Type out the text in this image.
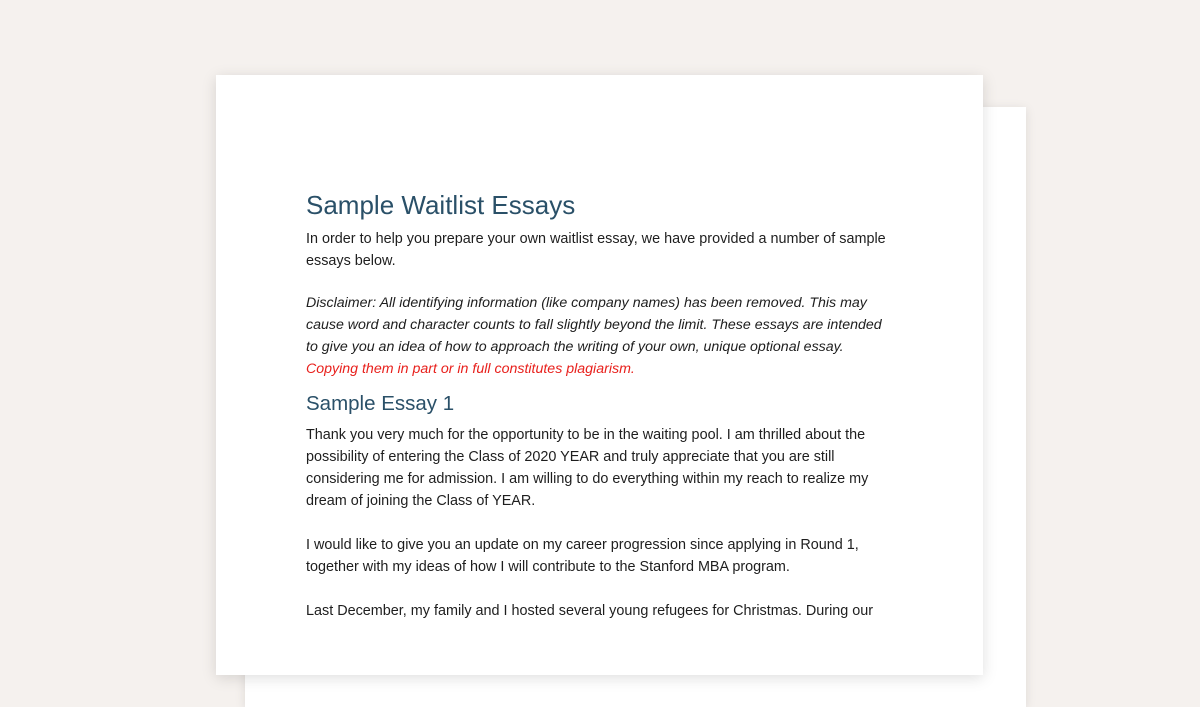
Sample Waitlist Essays

In order to help you prepare your own waitlist essay, we have provided a number of sample essays below.

Disclaimer: All identifying information (like company names) has been removed. This may cause word and character counts to fall slightly beyond the limit. These essays are intended to give you an idea of how to approach the writing of your own, unique optional essay. Copying them in part or in full constitutes plagiarism.

Sample Essay 1

Thank you very much for the opportunity to be in the waiting pool. I am thrilled about the possibility of entering the Class of 2020 YEAR and truly appreciate that you are still considering me for admission. I am willing to do everything within my reach to realize my dream of joining the Class of YEAR.

I would like to give you an update on my career progression since applying in Round 1, together with my ideas of how I will contribute to the Stanford MBA program.

Last December, my family and I hosted several young refugees for Christmas. During our
